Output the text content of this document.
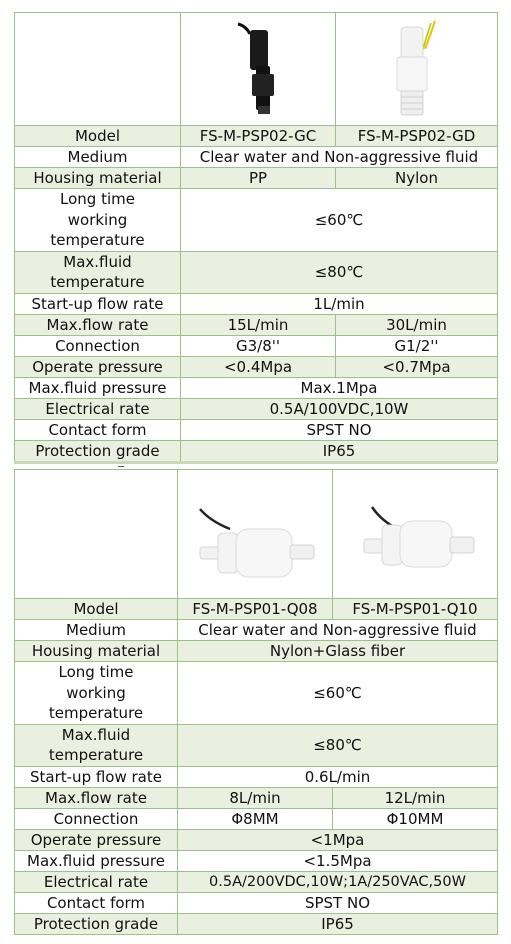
Model	FS-M-PSP02-GC	FS-M-PSP02-GD
Medium	Clear water and Non-aggressive fluid	
Housing material	PP	Nylon
Long time working temperature	≤60℃	
Max.fluid temperature	≤80℃	
Start-up flow rate	1L/min	
Max.flow rate	15L/min	30L/min
Connection	G3/8''	G1/2''
Operate pressure	<0.4Mpa	<0.7Mpa
Max.fluid pressure	Max.1Mpa	
Electrical rate	0.5A/100VDC,10W	
Contact form	SPST NO	
Protection grade	IP65	

Model	FS-M-PSP01-Q08	FS-M-PSP01-Q10
Medium	Clear water and Non-aggressive fluid	
Housing material	Nylon+Glass fiber	
Long time working temperature	≤60℃	
Max.fluid temperature	≤80℃	
Start-up flow rate	0.6L/min	
Max.flow rate	8L/min	12L/min
Connection	Φ8MM	Φ10MM
Operate pressure	<1Mpa	
Max.fluid pressure	<1.5Mpa	
Electrical rate	0.5A/200VDC,10W;1A/250VAC,50W	
Contact form	SPST NO	
Protection grade	IP65	
